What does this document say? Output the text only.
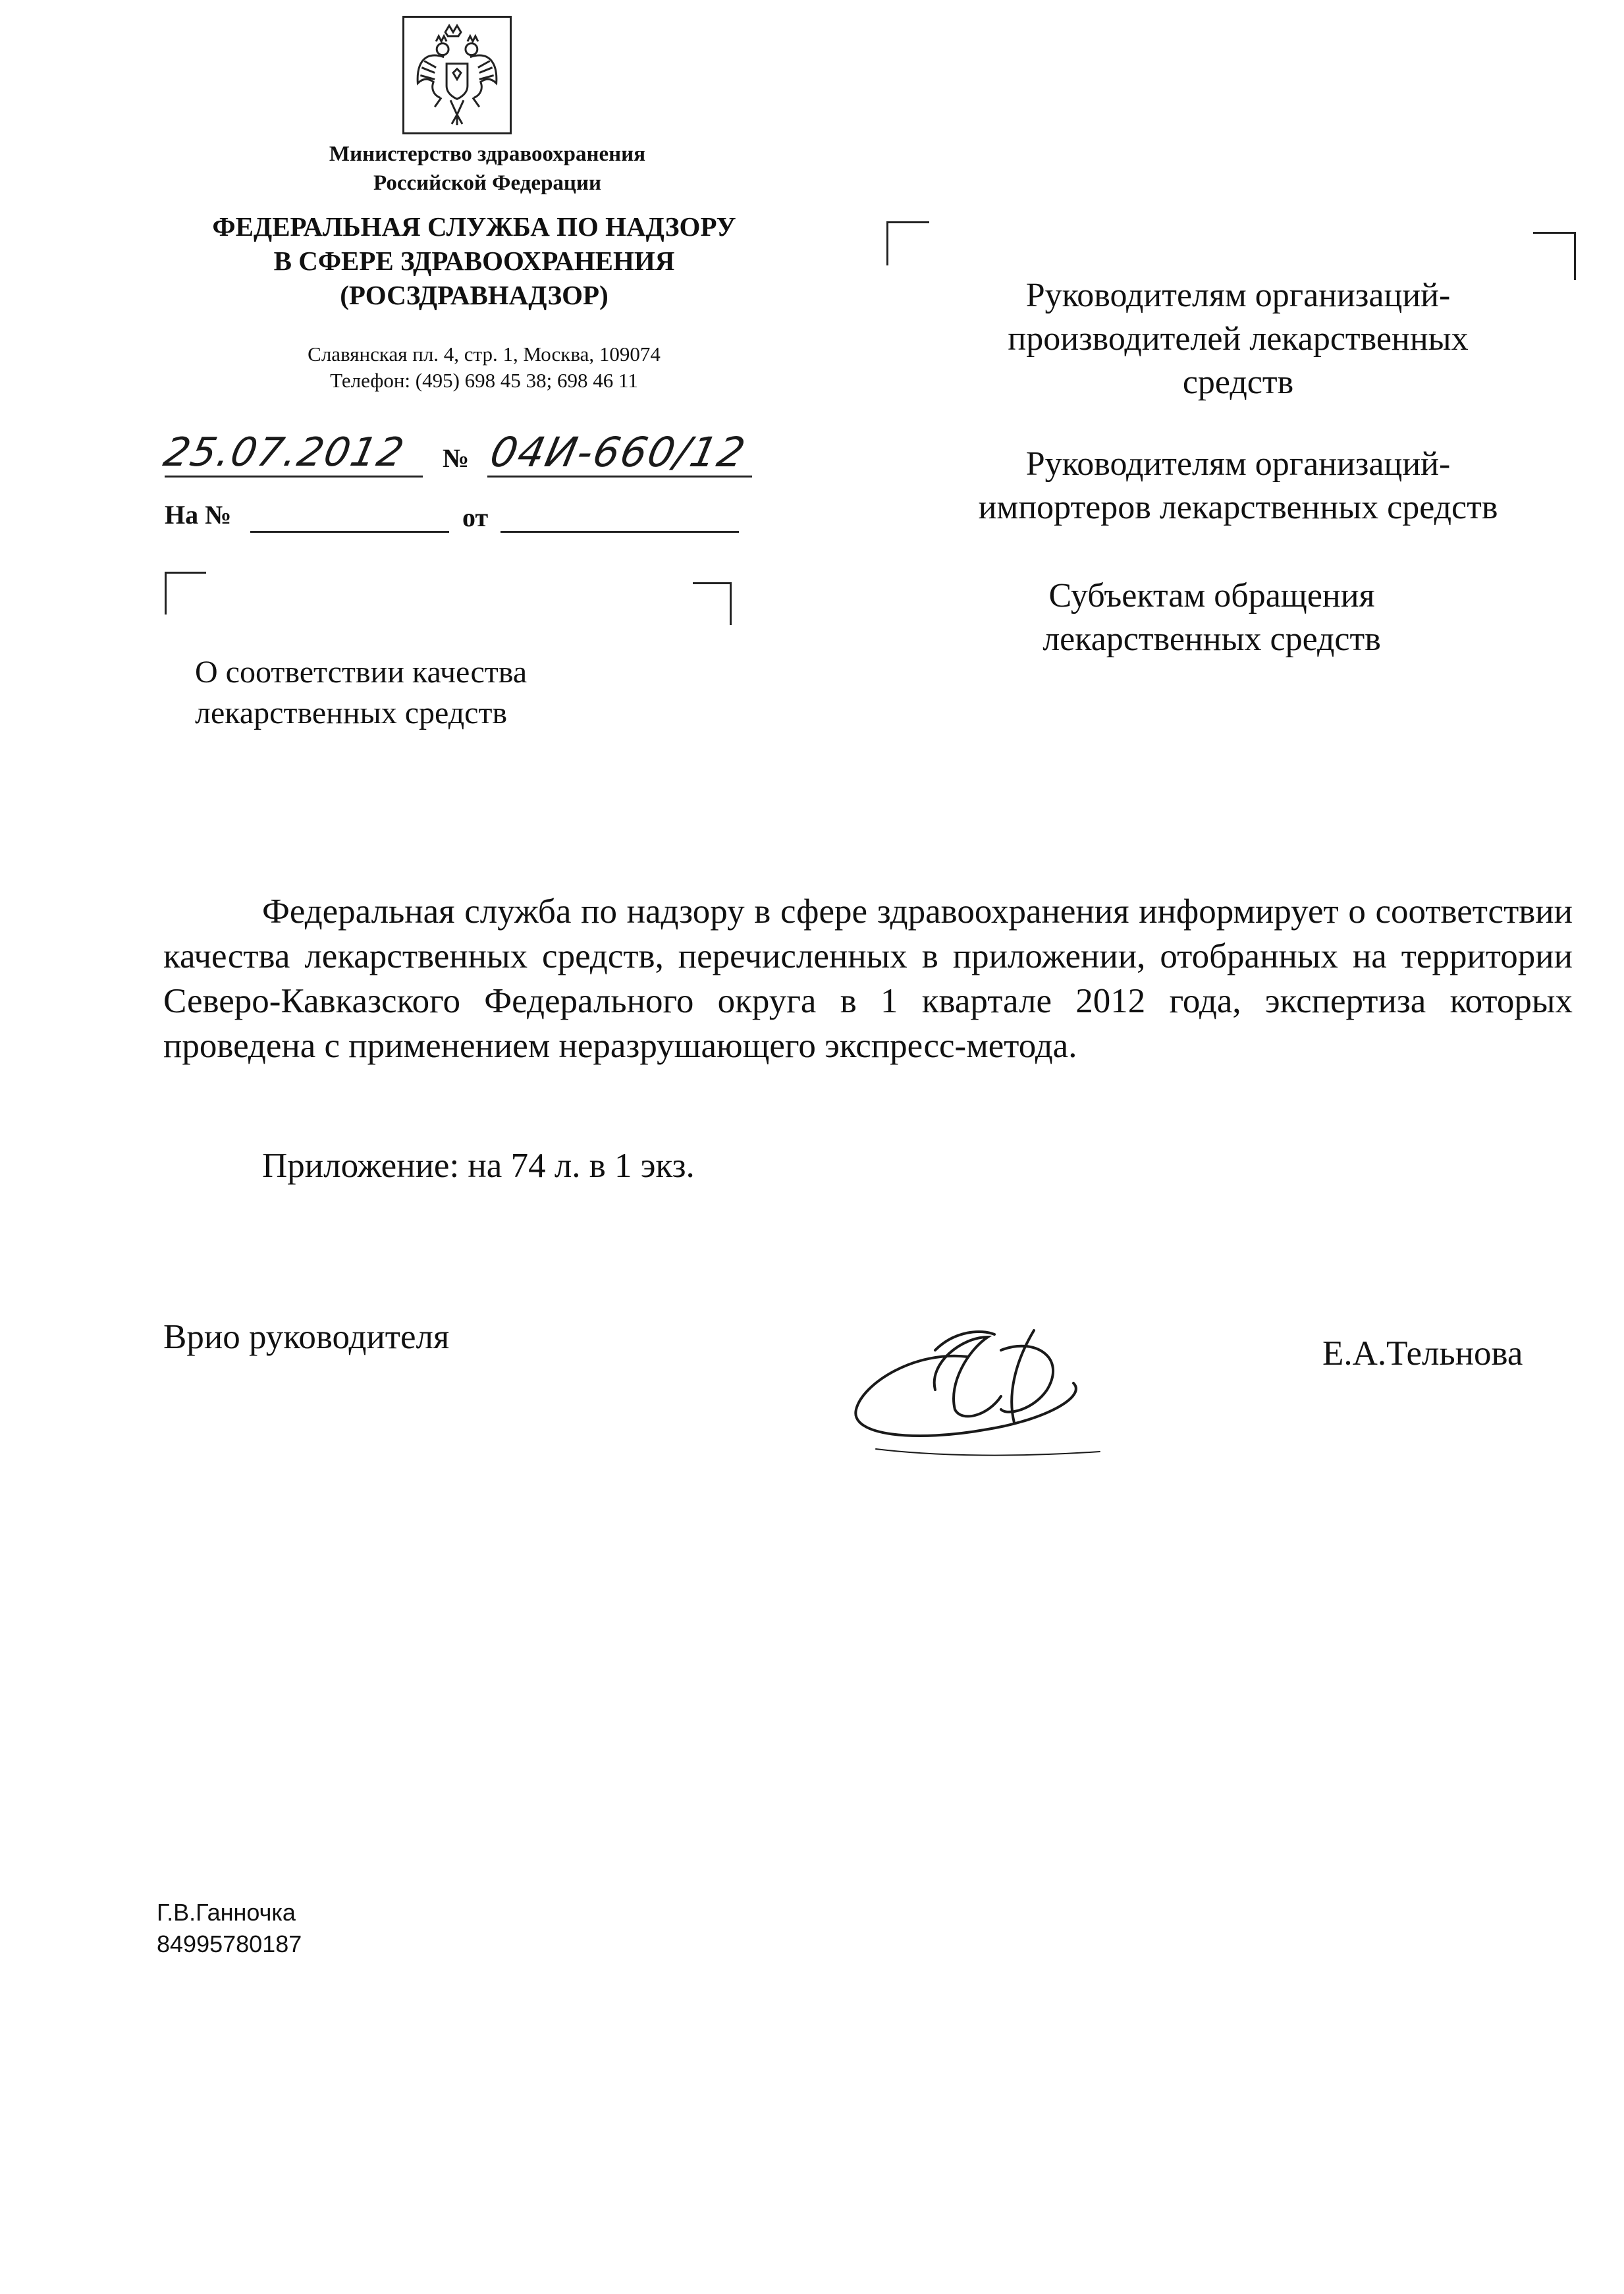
Министерство здравоохранения
Российской Федерации
ФЕДЕРАЛЬНАЯ СЛУЖБА ПО НАДЗОРУ
В СФЕРЕ ЗДРАВООХРАНЕНИЯ
(РОСЗДРАВНАДЗОР)
Славянская пл. 4, стр. 1, Москва, 109074
Телефон: (495) 698 45 38; 698 46 11
25.07.2012 № 04И-660/12
На №	от
О соответствии качества
лекарственных средств
Руководителям организаций-
производителей лекарственных
средств
Руководителям организаций-
импортеров лекарственных средств
Субъектам обращения
лекарственных средств
Федеральная служба по надзору в сфере здравоохранения информирует о соответствии качества лекарственных средств, перечисленных в приложении, отобранных на территории Северо-Кавказского Федерального округа в 1 квартале 2012 года, экспертиза которых проведена с применением неразрушающего экспресс-метода.
Приложение: на 74 л. в 1 экз.
Врио руководителя	Е.А.Тельнова
Г.В.Ганночка
84995780187
